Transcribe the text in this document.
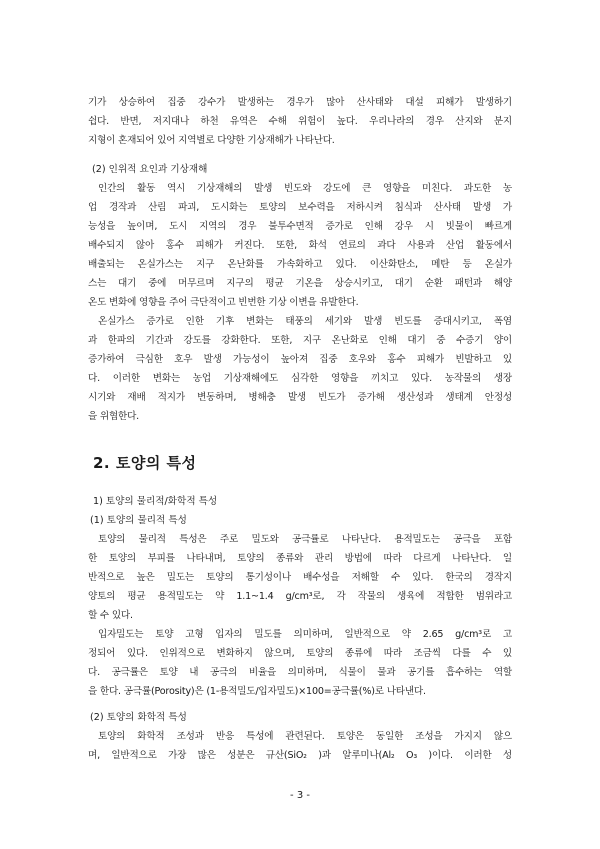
기가 상승하여 집중 강수가 발생하는 경우가 많아 산사태와 대설 피해가 발생하기

쉽다. 반면, 저지대나 하천 유역은 수해 위험이 높다. 우리나라의 경우 산지와 분지

지형이 혼재되어 있어 지역별로 다양한 기상재해가 나타난다.

(2) 인위적 요인과 기상재해

인간의 활동 역시 기상재해의 발생 빈도와 강도에 큰 영향을 미친다. 과도한 농

업 경작과 산림 파괴, 도시화는 토양의 보수력을 저하시켜 침식과 산사태 발생 가

능성을 높이며, 도시 지역의 경우 불투수면적 증가로 인해 강우 시 빗물이 빠르게

배수되지 않아 홍수 피해가 커진다. 또한, 화석 연료의 과다 사용과 산업 활동에서

배출되는 온실가스는 지구 온난화를 가속화하고 있다. 이산화탄소, 메탄 등 온실가

스는 대기 중에 머무르며 지구의 평균 기온을 상승시키고, 대기 순환 패턴과 해양

온도 변화에 영향을 주어 극단적이고 빈번한 기상 이변을 유발한다.

온실가스 증가로 인한 기후 변화는 태풍의 세기와 발생 빈도를 증대시키고, 폭염

과 한파의 기간과 강도를 강화한다. 또한, 지구 온난화로 인해 대기 중 수증기 양이

증가하여 극심한 호우 발생 가능성이 높아져 집중 호우와 홍수 피해가 빈발하고 있

다. 이러한 변화는 농업 기상재해에도 심각한 영향을 끼치고 있다. 농작물의 생장

시기와 재배 적지가 변동하며, 병해충 발생 빈도가 증가해 생산성과 생태계 안정성

을 위협한다.

2. 토양의 특성

1) 토양의 물리적/화학적 특성

(1) 토양의 물리적 특성

토양의 물리적 특성은 주로 밀도와 공극률로 나타난다. 용적밀도는 공극을 포함

한 토양의 부피를 나타내며, 토양의 종류와 관리 방법에 따라 다르게 나타난다. 일

반적으로 높은 밀도는 토양의 통기성이나 배수성을 저해할 수 있다. 한국의 경작지

양토의 평균 용적밀도는 약 1.1~1.4 g/cm³로, 각 작물의 생육에 적합한 범위라고

할 수 있다.

입자밀도는 토양 고형 입자의 밀도를 의미하며, 일반적으로 약 2.65 g/cm³로 고

정되어 있다. 인위적으로 변화하지 않으며, 토양의 종류에 따라 조금씩 다를 수 있

다. 공극률은 토양 내 공극의 비율을 의미하며, 식물이 물과 공기를 흡수하는 역할

을 한다. 공극률(Porosity)은 (1-용적밀도/입자밀도)×100=공극률(%)로 나타낸다.

(2) 토양의 화학적 특성

토양의 화학적 조성과 반응 특성에 관련된다. 토양은 동일한 조성을 가지지 않으

며, 일반적으로 가장 많은 성분은 규산(SiO₂ )과 알루미나(Al₂ O₃ )이다. 이러한 성

- 3 -
